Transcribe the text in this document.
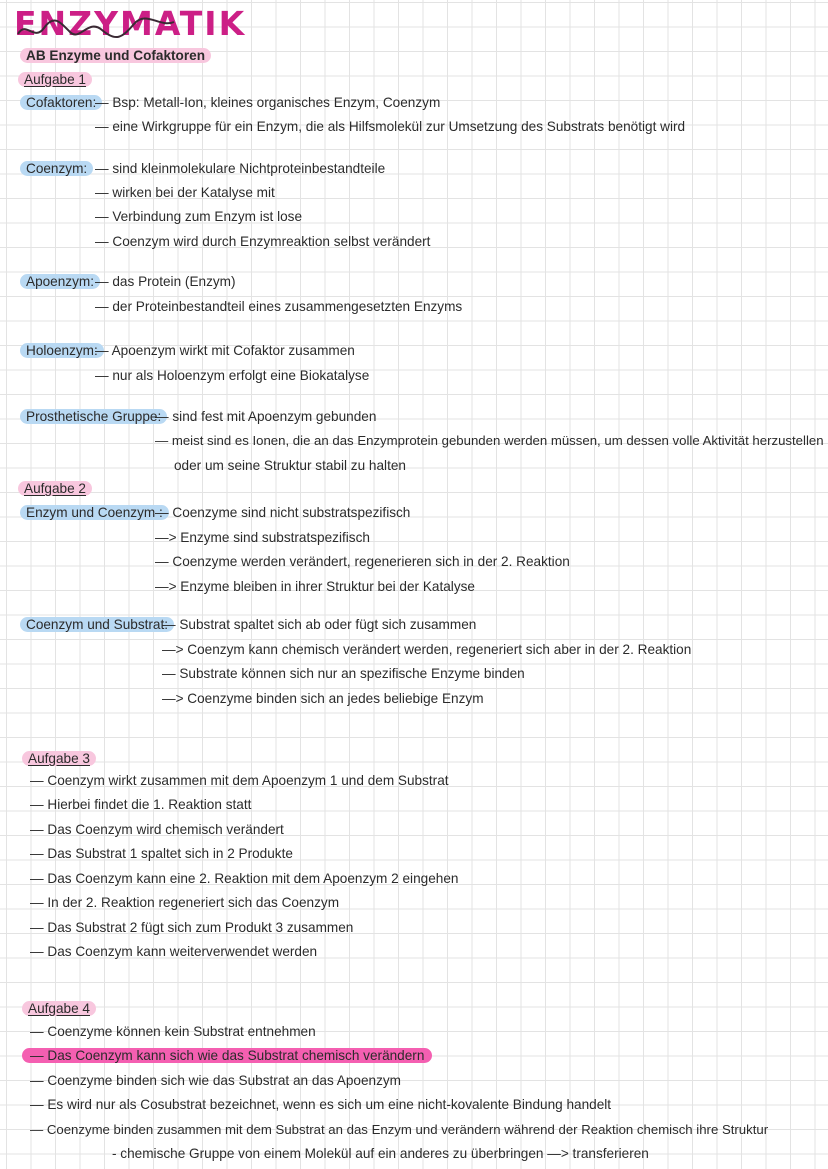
ENZYMATIK
AB Enzyme und Cofaktoren
Aufgabe 1
Cofaktoren:
— Bsp: Metall-Ion, kleines organisches Enzym, Coenzym
— eine Wirkgruppe für ein Enzym, die als Hilfsmolekül zur Umsetzung des Substrats benötigt wird
Coenzym: — sind kleinmolekulare Nichtproteinbestandteile
— wirken bei der Katalyse mit
— Verbindung zum Enzym ist lose
— Coenzym wird durch Enzymreaktion selbst verändert
Apoenzym: — das Protein (Enzym)
— der Proteinbestandteil eines zusammengesetzten Enzyms
Holoenzym:
— Apoenzym wirkt mit Cofaktor zusammen
— nur als Holoenzym erfolgt eine Biokatalyse
Prosthetische Gruppe:
— sind fest mit Apoenzym gebunden
— meist sind es Ionen, die an das Enzymprotein gebunden werden müssen, um dessen volle Aktivität herzustellen
oder um seine Struktur stabil zu halten
Aufgabe 2
Enzym und Coenzym :
— Coenzyme sind nicht substratspezifisch
—> Enzyme sind substratspezifisch
— Coenzyme werden verändert, regenerieren sich in der 2. Reaktion
—> Enzyme bleiben in ihrer Struktur bei der Katalyse
Coenzym und Substrat:
— Substrat spaltet sich ab oder fügt sich zusammen
—> Coenzym kann chemisch verändert werden, regeneriert sich aber in der 2. Reaktion
— Substrate können sich nur an spezifische Enzyme binden
—> Coenzyme binden sich an jedes beliebige Enzym
Aufgabe 3
— Coenzym wirkt zusammen mit dem Apoenzym 1 und dem Substrat
— Hierbei findet die 1. Reaktion statt
— Das Coenzym wird chemisch verändert
— Das Substrat 1 spaltet sich in 2 Produkte
— Das Coenzym kann eine 2. Reaktion mit dem Apoenzym 2 eingehen
— In der 2. Reaktion regeneriert sich das Coenzym
— Das Substrat 2 fügt sich zum Produkt 3 zusammen
— Das Coenzym kann weiterverwendet werden
Aufgabe 4
— Coenzyme können kein Substrat entnehmen
— Das Coenzym kann sich wie das Substrat chemisch verändern
— Coenzyme binden sich wie das Substrat an das Apoenzym
— Es wird nur als Cosubstrat bezeichnet, wenn es sich um eine nicht-kovalente Bindung handelt
— Coenzyme binden zusammen mit dem Substrat an das Enzym und verändern während der Reaktion chemisch ihre Struktur
- chemische Gruppe von einem Molekül auf ein anderes zu überbringen —> transferieren
